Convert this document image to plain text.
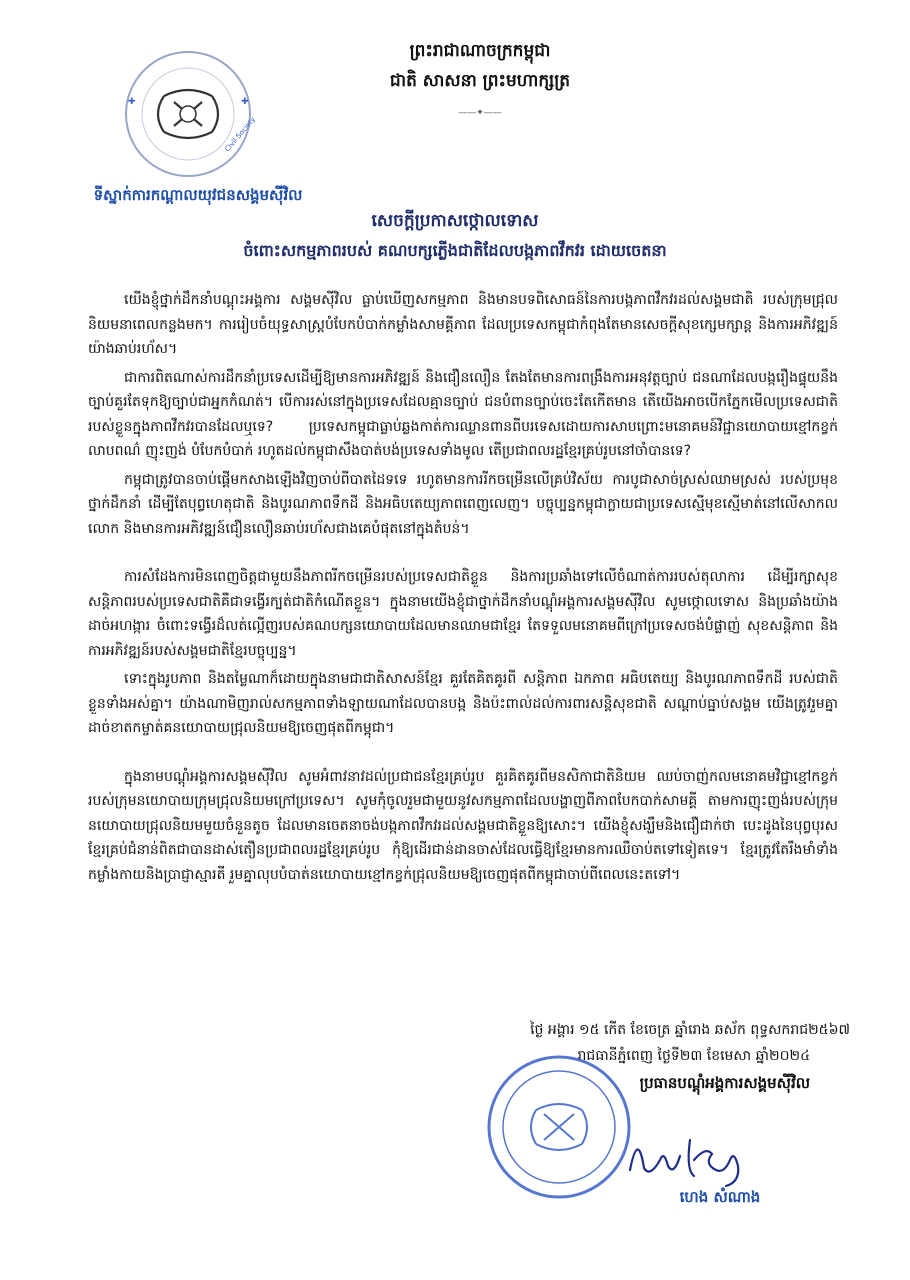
✚
✚
Civil Society
ទីស្នាក់ការកណ្តាលយុវជនសង្គមស៊ីវិល
ព្រះរាជាណាចក្រកម្ពុជា
ជាតិ សាសនា ព្រះមហាក្សត្រ
——✦——
សេចក្តីប្រកាសថ្កោលទោស
ចំពោះសកម្មភាពរបស់ គណបក្សភ្លើងជាតិដែលបង្កភាពវឹកវរ ដោយចេតនា

យើងខ្ញុំថ្នាក់ដឹកនាំបណ្តុះអង្គការ សង្គមស៊ីវិល ធ្លាប់ឃើញសកម្មភាព និងមានបទពិសោធន៍នៃការបង្កភាពវឹកវរដល់សង្គមជាតិ របស់ក្រុមជ្រុលនិយមនាពេលកន្លងមក។ ការរៀបចំយុទ្ធសាស្រ្តបំបែកបំបាក់កម្លាំងសាមគ្គីភាព ដែលប្រទេសកម្ពុជាកំពុងតែមានសេចក្តីសុខក្សេមក្សាន្ត និងការអភិវឌ្ឍន៍យ៉ាងឆាប់រហ័ស។

ជាការពិតណាស់ការដឹកនាំប្រទេសដើម្បីឱ្យមានការអភិវឌ្ឍន៍ និងជឿនលឿន តែងតែមានការពង្រឹងការអនុវត្តច្បាប់ ជនណាដែលបង្ករឿងផ្ទុយនឹងច្បាប់គួរតែទុកឱ្យច្បាប់ជាអ្នកកំណត់។ បើការរស់នៅក្នុងប្រទេសដែលគ្មានច្បាប់ ជនបំពានច្បាប់ចេះតែកើតមាន តើយើងអាចបើកភ្នែកមើលប្រទេសជាតិរបស់ខ្លួនក្នុងភាពវឹកវរបានដែលឬទេ? ប្រទេសកម្ពុជាធ្លាប់ឆ្លងកាត់ការឈ្លានពានពីបរទេសដោយការសាបព្រោះមនោគមន៍វិជ្ជានយោបាយខ្មៅកខ្វក់ លាបពណ៌ ញុះញង់ បំបែកបំបាក់ រហូតដល់កម្ពុជាសឹងបាត់បង់ប្រទេសទាំងមូល តើប្រជាពលរដ្ឋខ្មែរគ្រប់រូបនៅចាំបានទេ?

កម្ពុជាត្រូវបានចាប់ផ្តើមកសាងឡើងវិញចាប់ពីបាតដៃទទេ រហូតមានការរីកចម្រើនលើគ្រប់វិស័យ ការបូជាសាច់ស្រស់ឈាមស្រស់ របស់ប្រមុខថ្នាក់ដឹកនាំ ដើម្បីតែបុព្វហេតុជាតិ និងបូរណភាពទឹកដី និងអធិបតេយ្យភាពពេញលេញ។ បច្ចុប្បន្នកម្ពុជាក្លាយជាប្រទេសស្មើមុខស្មើមាត់នៅលើសាកលលោក និងមានការអភិវឌ្ឍន៍ជឿនលឿនឆាប់រហ័សជាងគេបំផុតនៅក្នុងតំបន់។

ការសំដែងការមិនពេញចិត្តជាមួយនឹងភាពរីកចម្រើនរបស់ប្រទេសជាតិខ្លួន និងការប្រឆាំងទៅលើចំណាត់ការរបស់តុលាការ ដើម្បីរក្សាសុខសន្តិភាពរបស់ប្រទេសជាតិគឺជាទង្វើរក្បត់ជាតិកំណើតខ្លួន។ ក្នុងនាមយើងខ្ញុំជាថ្នាក់ដឹកនាំបណ្តុំអង្គការសង្គមស៊ីវិល សូមថ្កោលទោស និងប្រឆាំងយ៉ាងដាច់អហង្ការ ចំពោះទង្វើរដ៏លត់ល្អើញរបស់គណបក្សនយោបាយដែលមានឈាមជាខ្មែរ តែទទួលមនោគមពីក្រៅប្រទេសចង់បំផ្លាញ់ សុខសន្តិភាព និងការអភិវឌ្ឍន៍របស់សង្គមជាតិខ្មែរបច្ចុប្បន្ន។

ទោះក្នុងរូបភាព និងតម្លៃណាក៏ដោយក្នុងនាមជាជាតិសាសន៍ខ្មែរ គួរតែគិតគូរពី សន្តិភាព ឯកភាព អធិបតេយ្យ និងបូរណភាពទឹកដី របស់ជាតិខ្លួនទាំងអស់គ្នា។ យ៉ាងណាមិញរាល់សកម្មភាពទាំងឡាយណាដែលបានបង្ក និងប៉ះពាល់ដល់ការពារសន្តិសុខជាតិ សណ្តាប់ធ្នាប់សង្គម យើងត្រូវរួមគ្នាដាច់ខាតកម្ចាត់គនយោបាយជ្រុលនិយមឱ្យចេញផុតពីកម្ពុជា។

ក្នុងនាមបណ្តុំអង្គការសង្គមស៊ីវិល សូមអំពាវនាវដល់ប្រជាជនខ្មែរគ្រប់រូប គួរគិតគូរពីមនសិកាជាតិនិយម ឈប់ចាញ់កលមនោគមវិជ្ជាខ្មៅកខ្វក់ របស់ក្រុមនយោបាយក្រុមជ្រុលនិយមក្រៅប្រទេស។ សូមកុំចូលរួមជាមួយនូវសកម្មភាពដែលបង្ហាញពីភាពបែកបាក់សាមគ្គី តាមការញុះញង់របស់ក្រុមនយោបាយជ្រុលនិយមមួយចំនួនតូច ដែលមានចេតនាចង់បង្កភាពវឹកវរដល់សង្គមជាតិខ្លួនឱ្យសោះ។ យើងខ្ញុំសង្ឃឹមនិងជឿជាក់ថា បេះដូងនៃបុព្វបុរសខ្មែរគ្រប់ជំនាន់ពិតជាបានដាស់តឿនប្រជាពលរដ្ឋខ្មែរគ្រប់រូប កុំឱ្យដើរជាន់ដានចាស់ដែលធ្វើឱ្យខ្មែរមានការឈឺចាប់តទៅទៀតទេ។ ខ្មែរត្រូវតែរឹងមាំទាំងកម្លាំងកាយនិងប្រាជ្ញាស្មារតី រួមគ្នាលុបបំបាត់នយោបាយខ្មៅកខ្វក់ជ្រុលនិយមឱ្យចេញផុតពីកម្ពុជាចាប់ពីពេលនេះតទៅ។

ថ្ងៃ អង្គារ ១៥ កើត ខែចេត្រ ឆ្នាំរោង ឆស័ក ពុទ្ធសករាជ២៥៦៧
រាជធានីភ្នំពេញ ថ្ងៃទី២៣ ខែមេសា ឆ្នាំ២០២៤
ប្រធានបណ្តុំអង្គការសង្គមស៊ីវិល
ហេង សំណាង
